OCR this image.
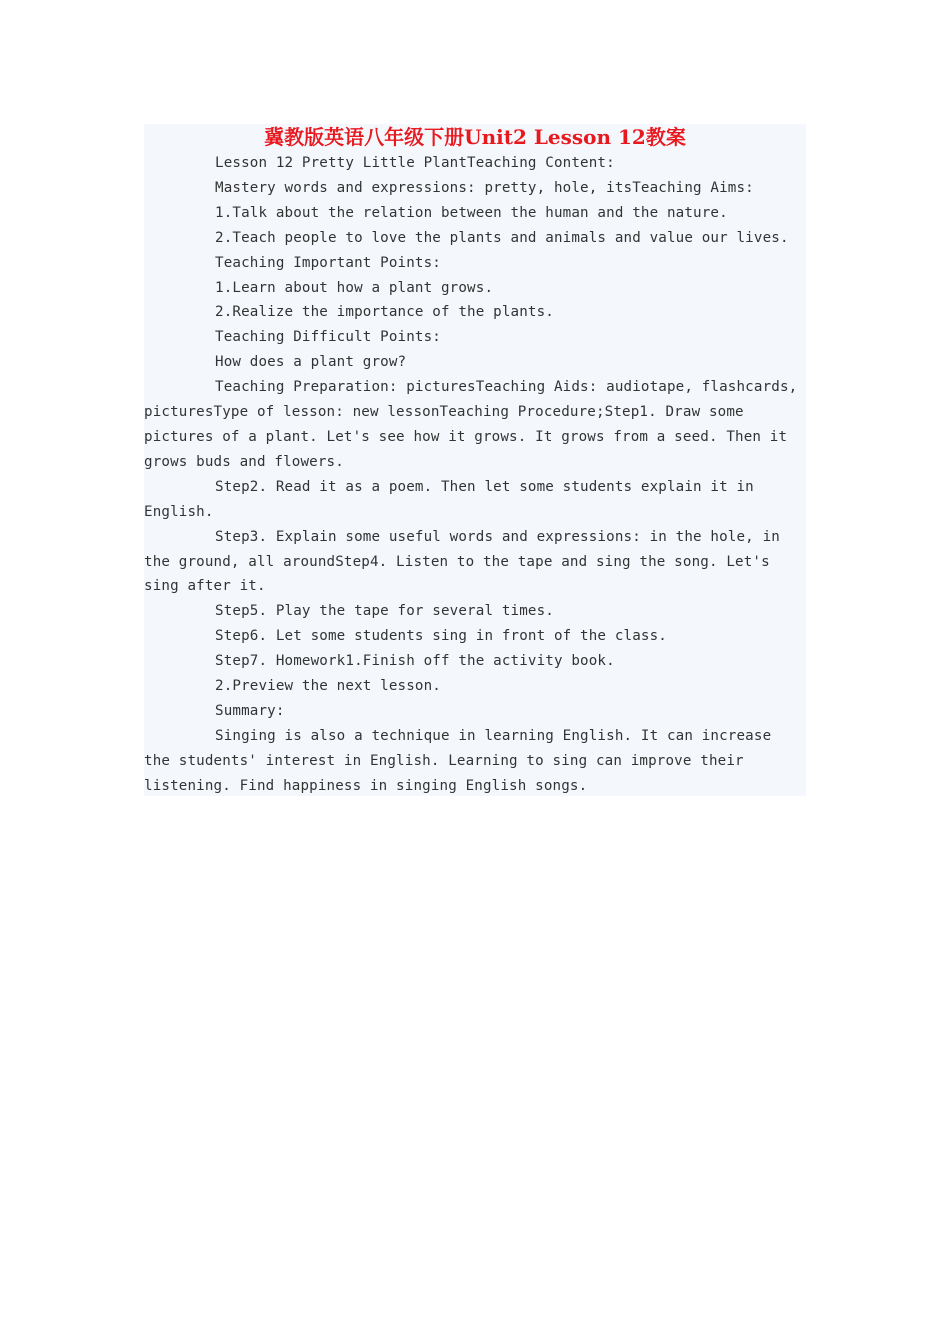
冀教版英语八年级下册Unit2 Lesson 12教案

Lesson 12 Pretty Little PlantTeaching Content:

Mastery words and expressions: pretty, hole, itsTeaching Aims:

1.Talk about the relation between the human and the nature.

2.Teach people to love the plants and animals and value our lives.

Teaching Important Points:

1.Learn about how a plant grows.

2.Realize the importance of the plants.

Teaching Difficult Points:

How does a plant grow?

Teaching Preparation: picturesTeaching Aids: audiotape, flashcards, picturesType of lesson: new lessonTeaching Procedure;Step1. Draw some pictures of a plant. Let's see how it grows. It grows from a seed. Then it grows buds and flowers.

Step2. Read it as a poem. Then let some students explain it in English.

Step3. Explain some useful words and expressions: in the hole, in the ground, all aroundStep4. Listen to the tape and sing the song. Let's sing after it.

Step5. Play the tape for several times.

Step6. Let some students sing in front of the class.

Step7. Homework1.Finish off the activity book.

2.Preview the next lesson.

Summary:

Singing is also a technique in learning English. It can increase the students' interest in English. Learning to sing can improve their listening. Find happiness in singing English songs.
